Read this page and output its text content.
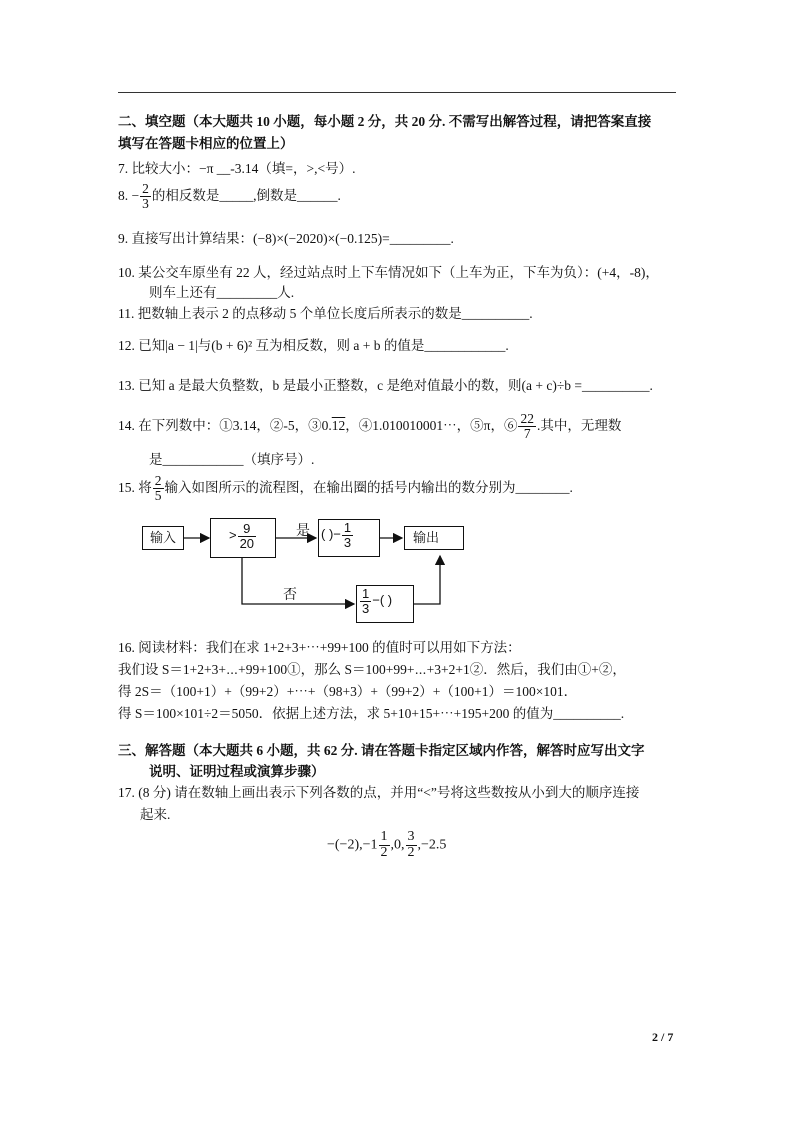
二、填空题（本大题共 10 小题，每小题 2 分，共 20 分. 不需写出解答过程，请把答案直接
填写在答题卡相应的位置上）
7. 比较大小：−π __-3.14（填=，>,<号）.
8. − $\frac{2}{3}$ 的相反数是_____,倒数是______.
9. 直接写出计算结果：(−8)×(−2020)×(−0.125)=_________.
10. 某公交车原坐有 22 人，经过站点时上下车情况如下（上车为正，下车为负）：(+4，-8)，
则车上还有_________人.
11. 把数轴上表示 2 的点移动 5 个单位长度后所表示的数是__________.
12. 已知|a − 1|与(b + 6)² 互为相反数，则 a + b 的值是____________.
13. 已知 a 是最大负整数，b 是最小正整数，c 是绝对值最小的数，则(a + c)÷b =__________.
14. 在下列数中：①3.14，②-5，③0.12，④1.010010001⋯，⑤π，⑥ $\frac{22}{7}$ .其中，无理数
是____________（填序号）.
15. 将 $\frac{2}{5}$ 输入如图所示的流程图，在输出圈的括号内输出的数分别为________.
输入	> $\frac{9}{20}$	是 ( )− $\frac{1}{3}$	输出
否	$\frac{1}{3}$ −( )
16. 阅读材料：我们在求 1+2+3+⋯+99+100 的值时可以用如下方法：
我们设 S＝1+2+3+⋯+99+100①，那么 S＝100+99+⋯+3+2+1②．然后，我们由①+②，
得 2S＝（100+1）+（99+2）+⋯+（98+3）+（99+2）+（100+1）＝100×101．
得 S＝100×101÷2＝5050．依据上述方法，求 5+10+15+⋯+195+200 的值为__________.
三、解答题（本大题共 6 小题，共 62 分. 请在答题卡指定区域内作答，解答时应写出文字
说明、证明过程或演算步骤）
17. (8 分) 请在数轴上画出表示下列各数的点，并用“<”号将这些数按从小到大的顺序连接
起来.
$-(-2),-1 \frac{1}{2} ,0$, $\frac{3}{2} ,-2.5$
2 / 7
